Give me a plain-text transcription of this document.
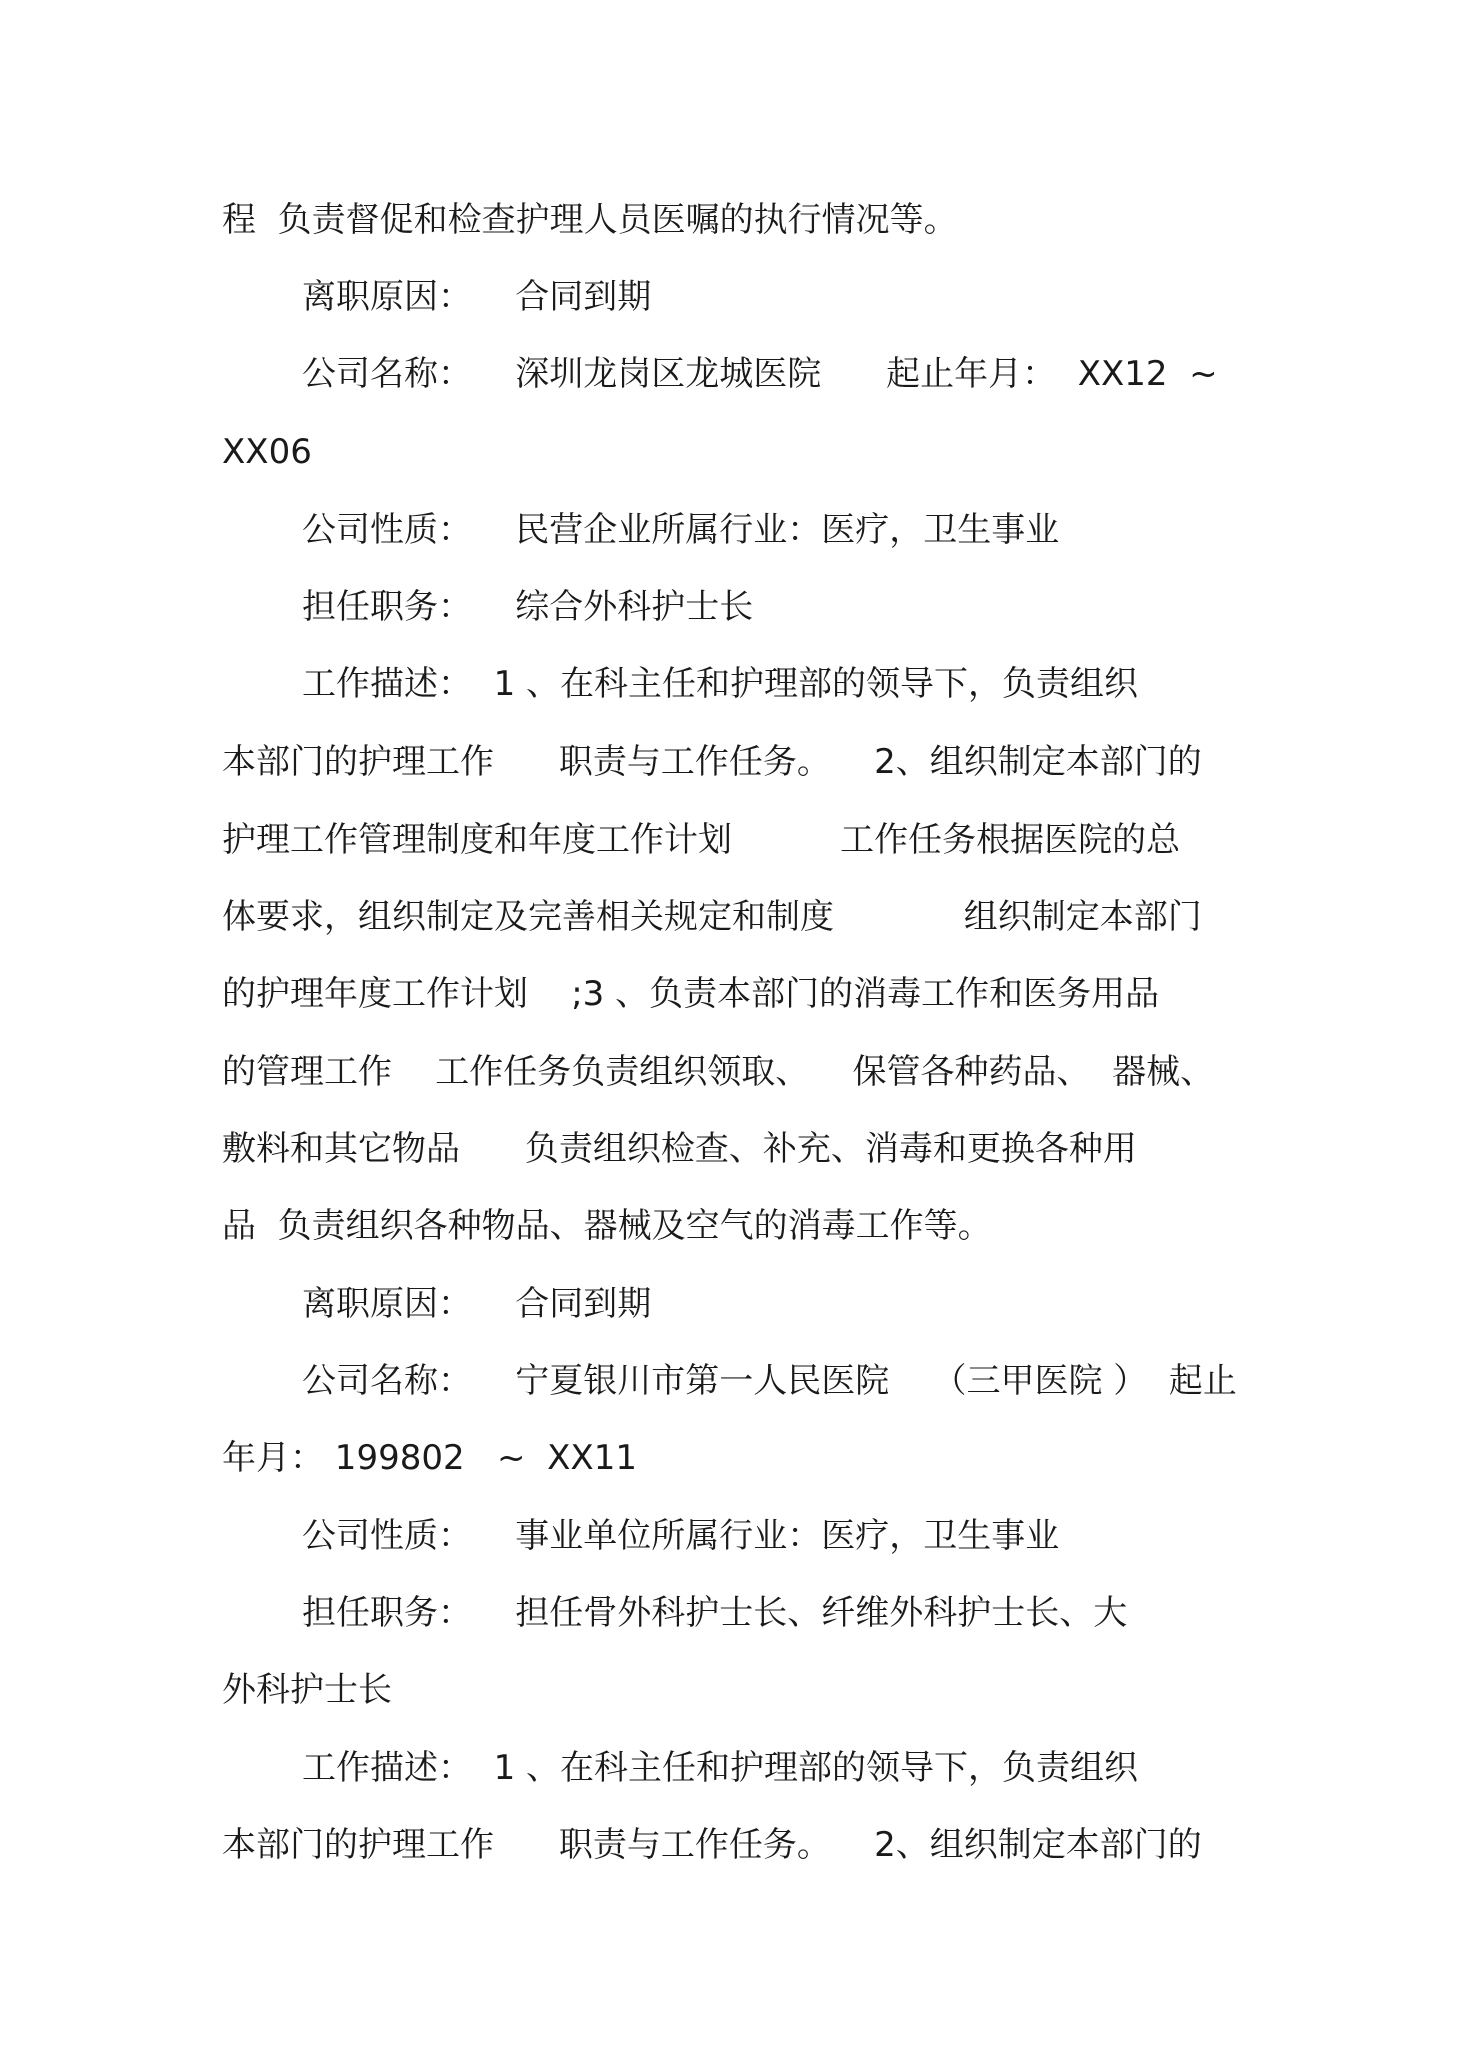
程  负责督促和检查护理人员医嘱的执行情况等。
离职原因：    合同到期
公司名称：    深圳龙岗区龙城医院      起止年月：  XX12  ~
XX06
公司性质：    民营企业所属行业：医疗，卫生事业
担任职务：    综合外科护士长
工作描述：  1 、在科主任和护理部的领导下，负责组织
本部门的护理工作      职责与工作任务。    2、组织制定本部门的
护理工作管理制度和年度工作计划          工作任务根据医院的总
体要求，组织制定及完善相关规定和制度            组织制定本部门
的护理年度工作计划    ;3 、负责本部门的消毒工作和医务用品
的管理工作    工作任务负责组织领取、    保管各种药品、  器械、
敷料和其它物品      负责组织检查、补充、消毒和更换各种用
品  负责组织各种物品、器械及空气的消毒工作等。
离职原因：    合同到期
公司名称：    宁夏银川市第一人民医院    （三甲医院 ）  起止
年月： 199802   ~  XX11
公司性质：    事业单位所属行业：医疗，卫生事业
担任职务：    担任骨外科护士长、纤维外科护士长、大
外科护士长
工作描述：  1 、在科主任和护理部的领导下，负责组织
本部门的护理工作      职责与工作任务。    2、组织制定本部门的
